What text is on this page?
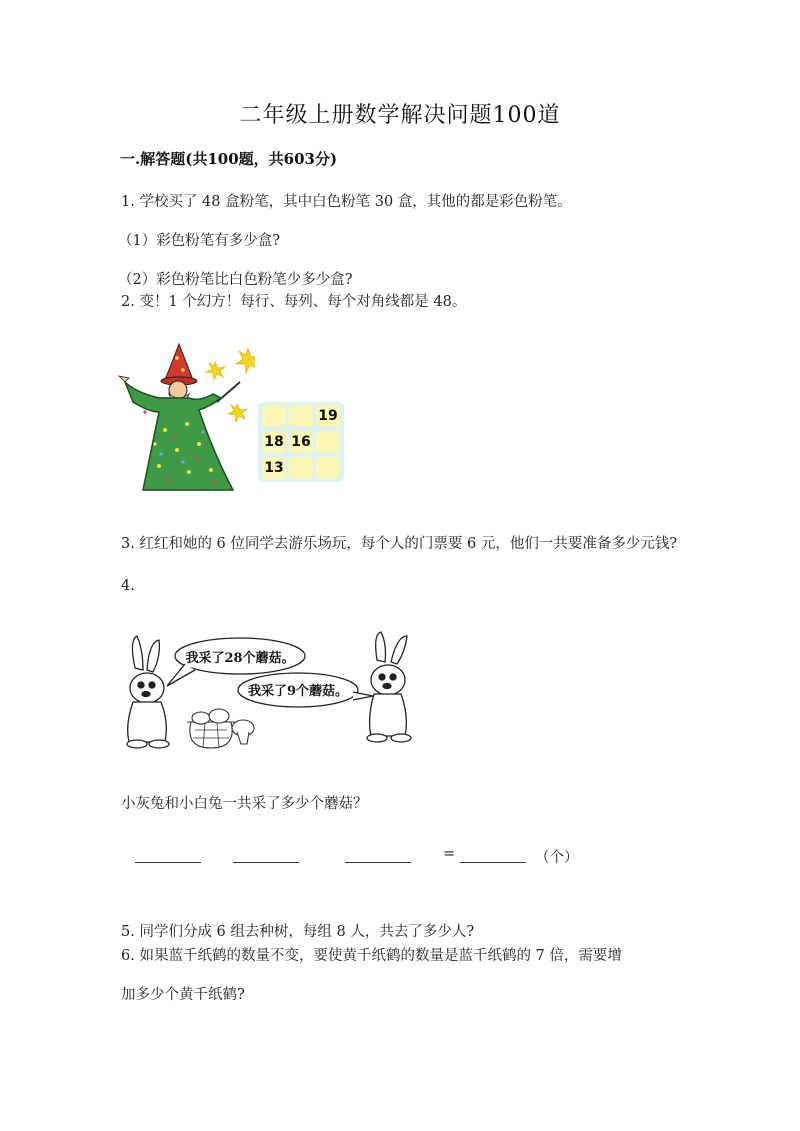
二年级上册数学解决问题100道
一.解答题(共100题，共603分)
1. 学校买了 48 盒粉笔，其中白色粉笔 30 盒，其他的都是彩色粉笔。
（1）彩色粉笔有多少盒?
（2）彩色粉笔比白色粉笔少多少盒?
2. 变！1 个幻方！每行、每列、每个对角线都是 48。
19
18 16
13
3. 红红和她的 6 位同学去游乐场玩，每个人的门票要 6 元，他们一共要准备多少元钱?
4.
我采了28个蘑菇。
我采了9个蘑菇。
小灰兔和小白兔一共采了多少个蘑菇？
=	（个）
5. 同学们分成 6 组去种树，每组 8 人，共去了多少人?
6. 如果蓝千纸鹤的数量不变，要使黄千纸鹤的数量是蓝千纸鹤的 7 倍，需要增
加多少个黄千纸鹤?
